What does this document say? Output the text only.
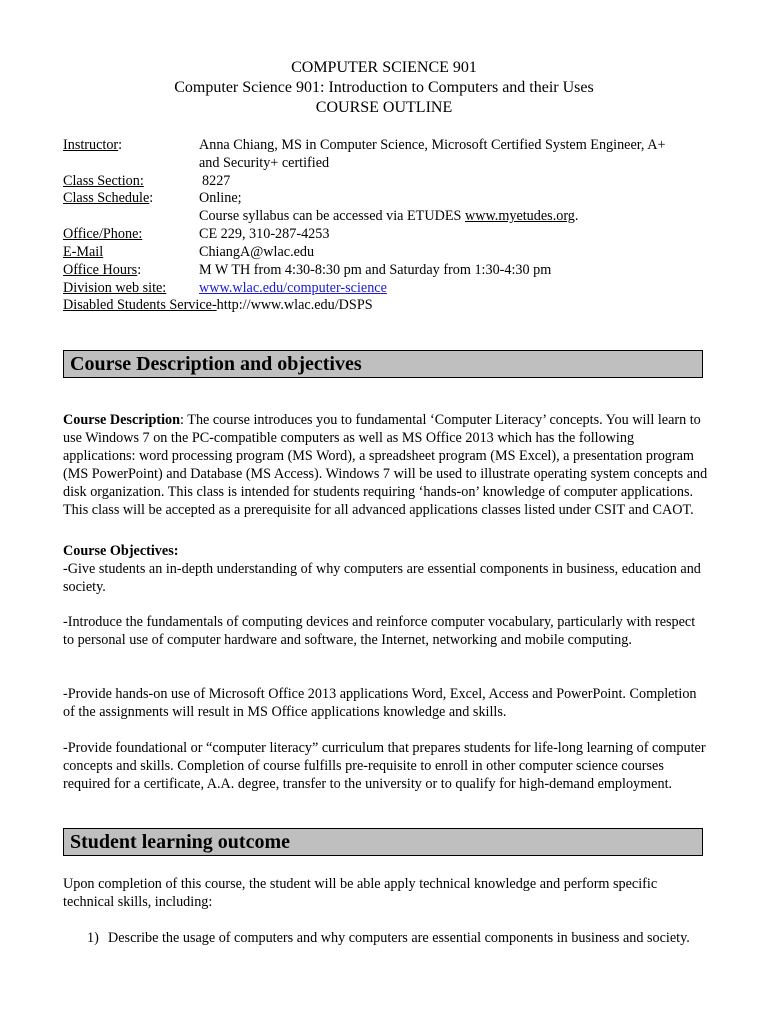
COMPUTER SCIENCE 901
Computer Science 901: Introduction to Computers and their Uses
COURSE OUTLINE
Instructor:	Anna Chiang, MS in Computer Science, Microsoft Certified System Engineer, A+
and Security+ certified
Class Section:	8227
Class Schedule:	Online;
Course syllabus can be accessed via ETUDES www.myetudes.org.
Office/Phone:	CE 229, 310-287-4253
E-Mail	ChiangA@wlac.edu
Office Hours:	M W TH from 4:30-8:30 pm and Saturday from 1:30-4:30 pm
Division web site: www.wlac.edu/computer-science
Disabled Students Service-http://www.wlac.edu/DSPS
Course Description and objectives
Course Description: The course introduces you to fundamental ‘Computer Literacy’ concepts. You will learn to use Windows 7 on the PC-compatible computers as well as MS Office 2013 which has the following applications: word processing program (MS Word), a spreadsheet program (MS Excel), a presentation program (MS PowerPoint) and Database (MS Access). Windows 7 will be used to illustrate operating system concepts and disk organization. This class is intended for students requiring ‘hands-on’ knowledge of computer applications. This class will be accepted as a prerequisite for all advanced applications classes listed under CSIT and CAOT.
Course Objectives:
-Give students an in-depth understanding of why computers are essential components in business, education and society.
-Introduce the fundamentals of computing devices and reinforce computer vocabulary, particularly with respect to personal use of computer hardware and software, the Internet, networking and mobile computing.
-Provide hands-on use of Microsoft Office 2013 applications Word, Excel, Access and PowerPoint. Completion of the assignments will result in MS Office applications knowledge and skills.
-Provide foundational or “computer literacy” curriculum that prepares students for life-long learning of computer concepts and skills. Completion of course fulfills pre-requisite to enroll in other computer science courses required for a certificate, A.A. degree, transfer to the university or to qualify for high-demand employment.
Student learning outcome
Upon completion of this course, the student will be able apply technical knowledge and perform specific technical skills, including:
1) Describe the usage of computers and why computers are essential components in business and society.
